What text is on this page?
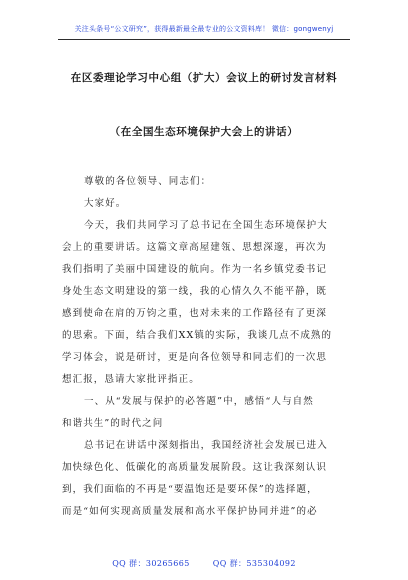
关注头条号“公文研究”，获得最新最全最专业的公文资料库！ 微信：gongwenyj
在区委理论学习中心组（扩大）会议上的研讨发言材料
（在全国生态环境保护大会上的讲话）
尊敬的各位领导、同志们：
大家好。
今天，我们共同学习了总书记在全国生态环境保护大
会上的重要讲话。这篇文章高屋建瓴、思想深邃，再次为
我们指明了美丽中国建设的航向。作为一名乡镇党委书记
身处生态文明建设的第一线，我的心情久久不能平静，既
感到使命在肩的万钧之重，也对未来的工作路径有了更深
的思索。下面，结合我们XX镇的实际，我谈几点不成熟的
学习体会，说是研讨，更是向各位领导和同志们的一次思
想汇报，恳请大家批评指正。
一、从“发展与保护的必答题”中，感悟“人与自然
和谐共生”的时代之问
总书记在讲话中深刻指出，我国经济社会发展已进入
加快绿色化、低碳化的高质量发展阶段。这让我深刻认识
到，我们面临的不再是“要温饱还是要环保”的选择题，
而是“如何实现高质量发展和高水平保护协同并进”的必
QQ 群：30265665	QQ 群：535304092
